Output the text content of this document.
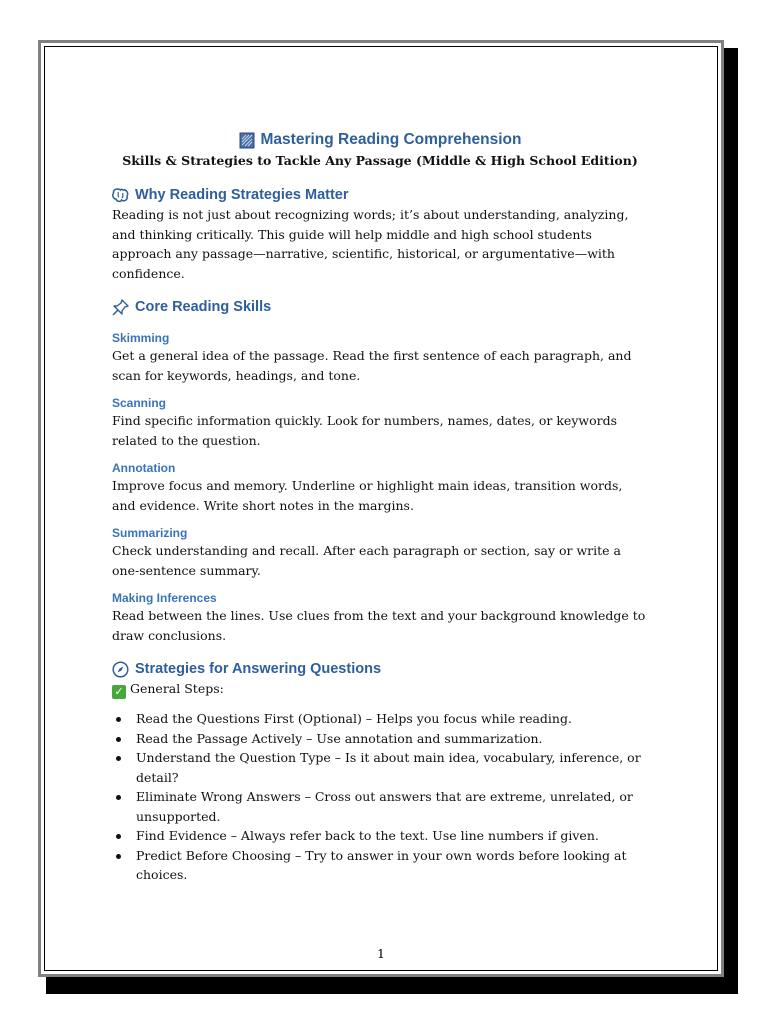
Mastering Reading Comprehension
Skills & Strategies to Tackle Any Passage (Middle & High School Edition)
Why Reading Strategies Matter

Reading is not just about recognizing words; it’s about understanding, analyzing, and thinking critically. This guide will help middle and high school students approach any passage—narrative, scientific, historical, or argumentative—with confidence.

Core Reading Skills
Skimming

Get a general idea of the passage. Read the first sentence of each paragraph, and scan for keywords, headings, and tone.

Scanning

Find specific information quickly. Look for numbers, names, dates, or keywords related to the question.

Annotation

Improve focus and memory. Underline or highlight main ideas, transition words, and evidence. Write short notes in the margins.

Summarizing

Check understanding and recall. After each paragraph or section, say or write a one-sentence summary.

Making Inferences

Read between the lines. Use clues from the text and your background knowledge to draw conclusions.

Strategies for Answering Questions
✓ General Steps:
Read the Questions First (Optional) – Helps you focus while reading.
Read the Passage Actively – Use annotation and summarization.
Understand the Question Type – Is it about main idea, vocabulary, inference, or detail?
Eliminate Wrong Answers – Cross out answers that are extreme, unrelated, or unsupported.
Find Evidence – Always refer back to the text. Use line numbers if given.
Predict Before Choosing – Try to answer in your own words before looking at choices.
1
